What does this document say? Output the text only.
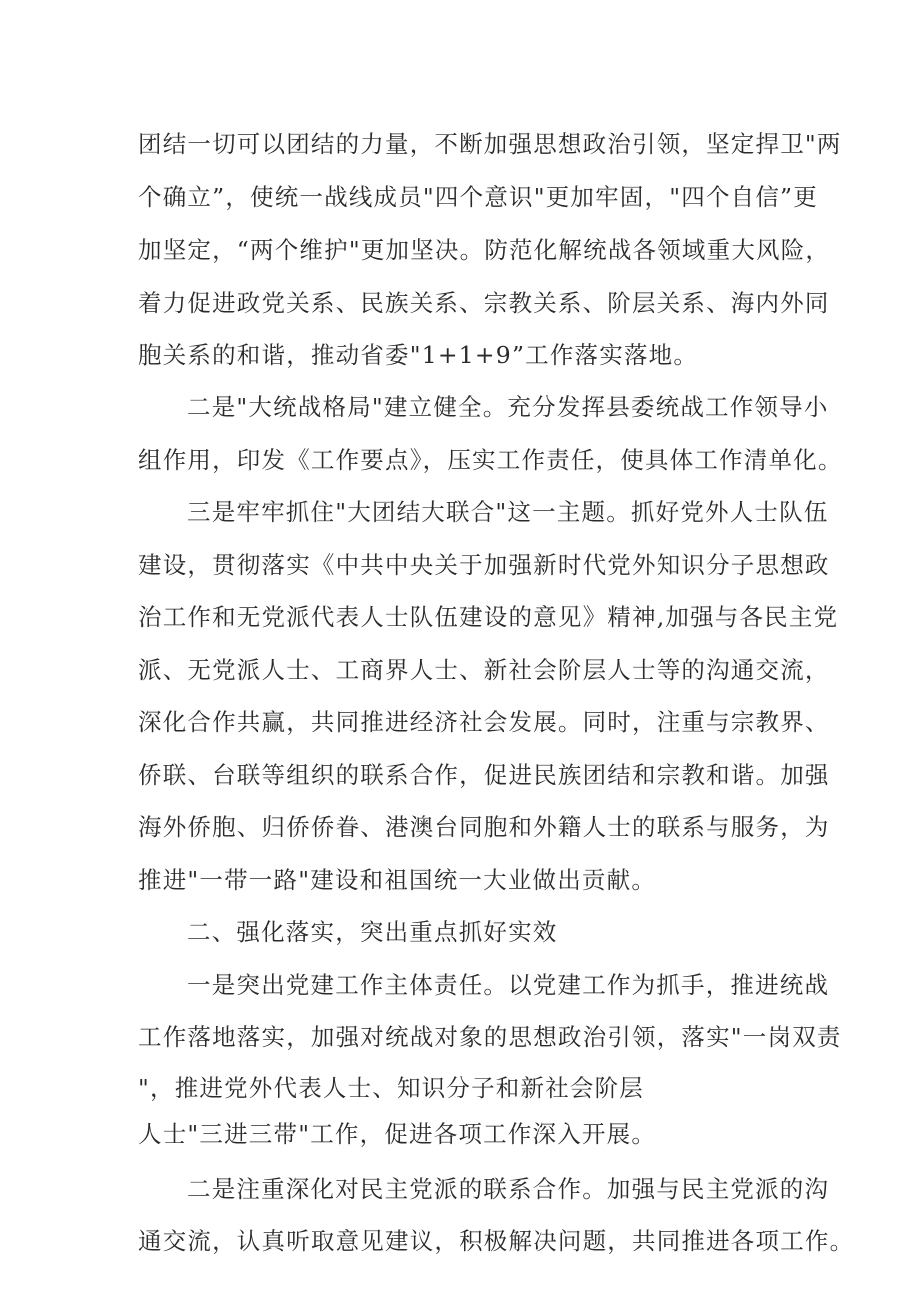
团结一切可以团结的力量，不断加强思想政治引领，坚定捍卫"两
个确立”，使统一战线成员"四个意识"更加牢固，"四个自信”更
加坚定，“两个维护"更加坚决。防范化解统战各领域重大风险，
着力促进政党关系、民族关系、宗教关系、阶层关系、海内外同
胞关系的和谐，推动省委"1+1+9”工作落实落地。
二是"大统战格局"建立健全。充分发挥县委统战工作领导小
组作用，印发《工作要点》，压实工作责任，使具体工作清单化。
三是牢牢抓住"大团结大联合"这一主题。抓好党外人士队伍
建设，贯彻落实《中共中央关于加强新时代党外知识分子思想政
治工作和无党派代表人士队伍建设的意见》精神,加强与各民主党
派、无党派人士、工商界人士、新社会阶层人士等的沟通交流，
深化合作共赢，共同推进经济社会发展。同时，注重与宗教界、
侨联、台联等组织的联系合作，促进民族团结和宗教和谐。加强
海外侨胞、归侨侨眷、港澳台同胞和外籍人士的联系与服务，为
推进"一带一路"建设和祖国统一大业做出贡献。
二、强化落实，突出重点抓好实效
一是突出党建工作主体责任。以党建工作为抓手，推进统战
工作落地落实，加强对统战对象的思想政治引领，落实"一岗双责
"，推进党外代表人士、知识分子和新社会阶层
人士"三进三带"工作，促进各项工作深入开展。
二是注重深化对民主党派的联系合作。加强与民主党派的沟
通交流，认真听取意见建议，积极解决问题，共同推进各项工作。
